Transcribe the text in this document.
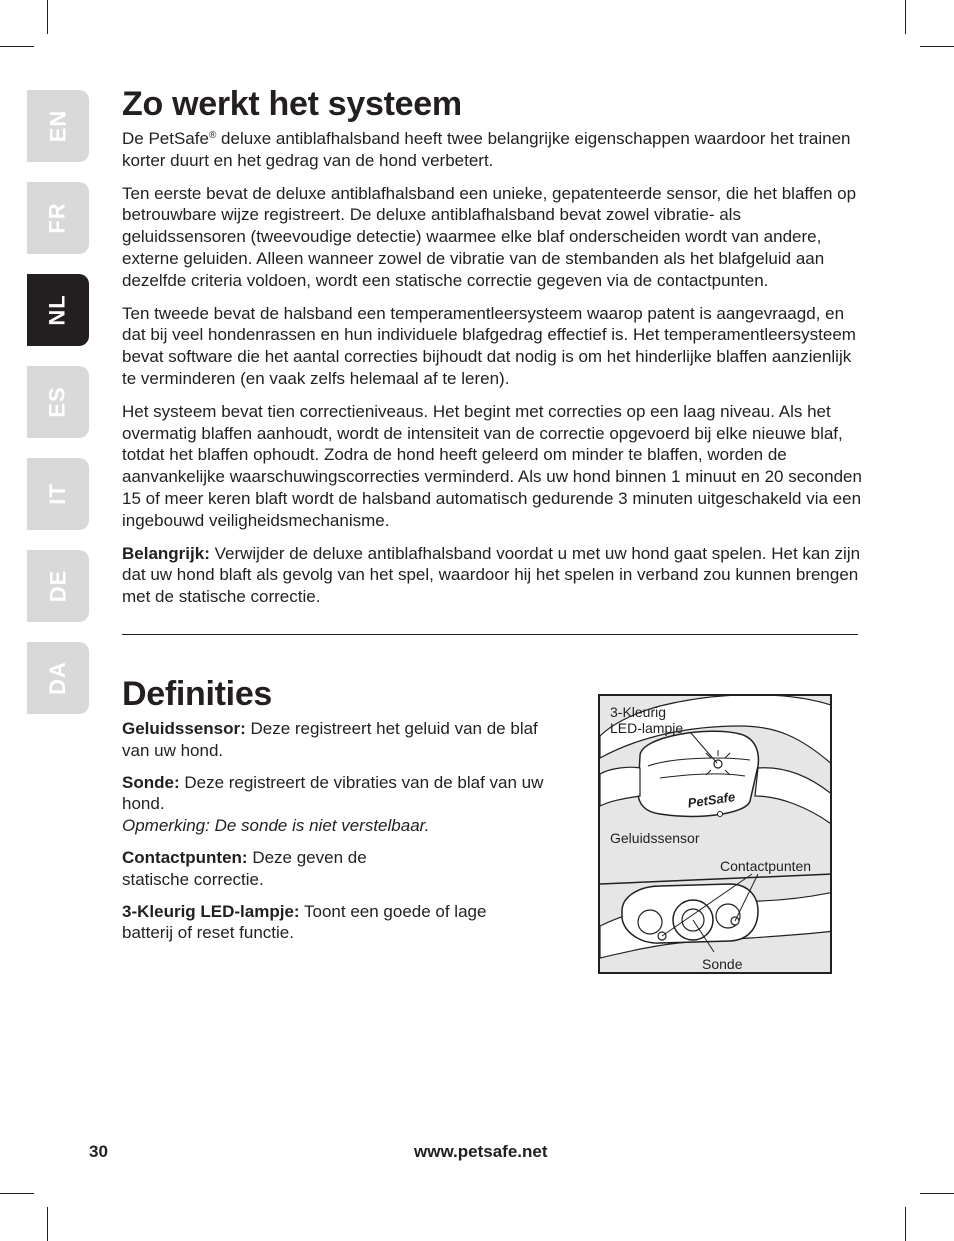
EN
FR
NL
ES
IT
DE
DA
Zo werkt het systeem

De PetSafe® deluxe antiblafhalsband heeft twee belangrijke eigenschappen waardoor het trainen korter duurt en het gedrag van de hond verbetert.

Ten eerste bevat de deluxe antiblafhalsband een unieke, gepatenteerde sensor, die het blaffen op betrouwbare wijze registreert. De deluxe antiblafhalsband bevat zowel vibratie- als geluidssensoren (tweevoudige detectie) waarmee elke blaf onderscheiden wordt van andere, externe geluiden. Alleen wanneer zowel de vibratie van de stembanden als het blafgeluid aan dezelfde criteria voldoen, wordt een statische correctie gegeven via de contactpunten.

Ten tweede bevat de halsband een temperamentleersysteem waarop patent is aangevraagd, en dat bij veel hondenrassen en hun individuele blafgedrag effectief is. Het temperamentleersysteem bevat software die het aantal correcties bijhoudt dat nodig is om het hinderlijke blaffen aanzienlijk te verminderen (en vaak zelfs helemaal af te leren).

Het systeem bevat tien correctieniveaus. Het begint met correcties op een laag niveau. Als het overmatig blaffen aanhoudt, wordt de intensiteit van de correctie opgevoerd bij elke nieuwe blaf, totdat het blaffen ophoudt. Zodra de hond heeft geleerd om minder te blaffen, worden de aanvankelijke waarschuwingscorrecties verminderd. Als uw hond binnen 1 minuut en 20 seconden 15 of meer keren blaft wordt de halsband automatisch gedurende 3 minuten uitgeschakeld via een ingebouwd veiligheidsmechanisme.

Belangrijk: Verwijder de deluxe antiblafhalsband voordat u met uw hond gaat spelen. Het kan zijn dat uw hond blaft als gevolg van het spel, waardoor hij het spelen in verband zou kunnen brengen met de statische correctie.

Definities

Geluidssensor: Deze registreert het geluid van de blaf van uw hond.

Sonde: Deze registreert de vibraties van de blaf van uw hond.
Opmerking: De sonde is niet verstelbaar.

Contactpunten: Deze geven de statische correctie.

3-Kleurig LED-lampje: Toont een goede of lage batterij of reset functie.

PetSafe
3-Kleurig
LED-lampje
Geluidssensor
Contactpunten
Sonde
30	www.petsafe.net
